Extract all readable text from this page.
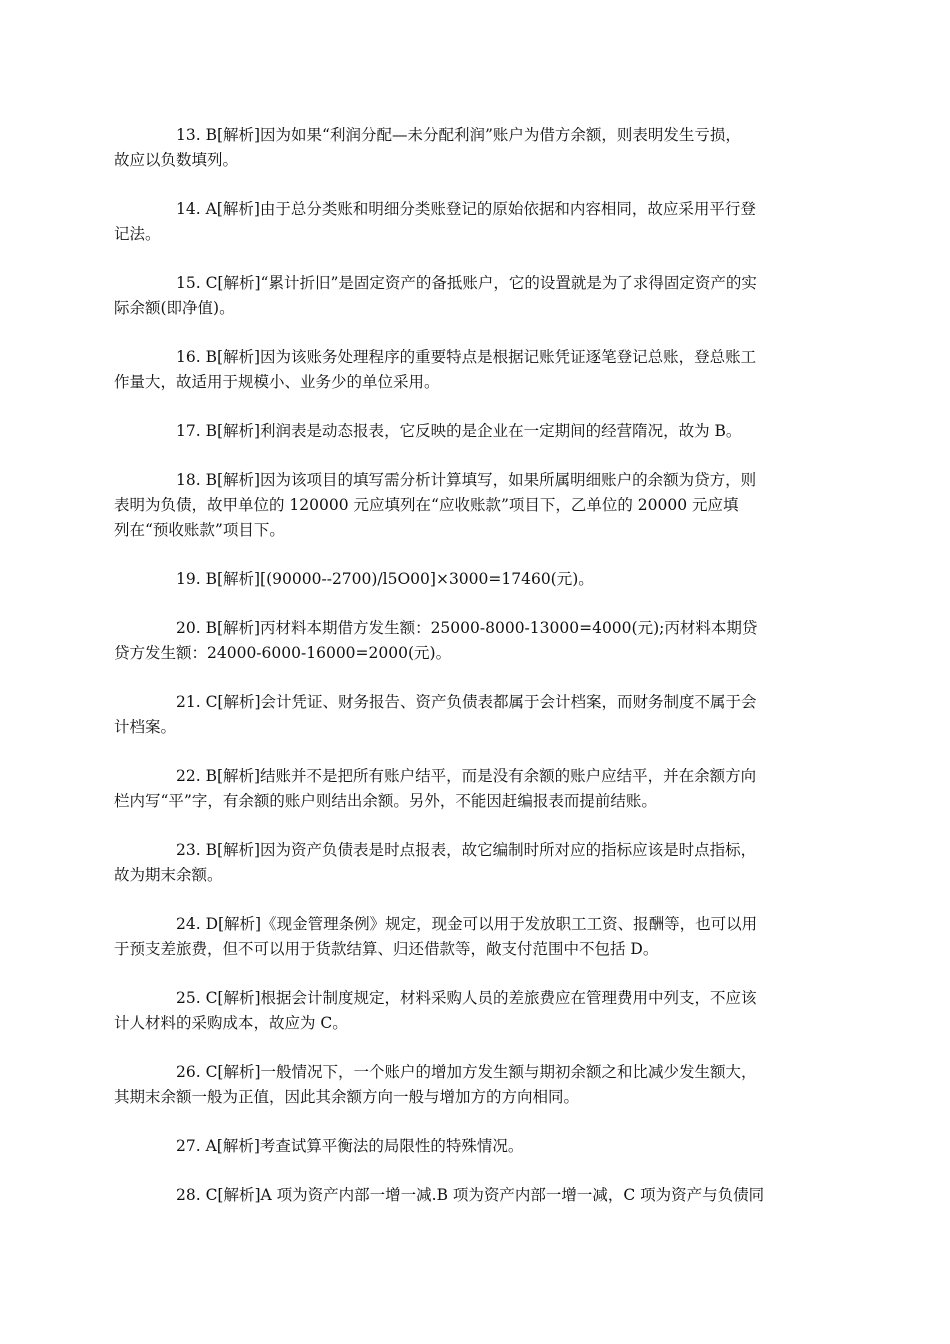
13. B[解析]因为如果“利润分配—未分配利润”账户为借方余额，则表明发生亏损，
故应以负数填列。

14. A[解析]由于总分类账和明细分类账登记的原始依据和内容相同，故应采用平行登
记法。

15. C[解析]“累计折旧”是固定资产的备抵账户，它的设置就是为了求得固定资产的实
际余额(即净值)。

16. B[解析]因为该账务处理程序的重要特点是根据记账凭证逐笔登记总账，登总账工
作量大，故适用于规模小、业务少的单位采用。

17. B[解析]利润表是动态报表，它反映的是企业在一定期间的经营隋况，故为 B。

18. B[解析]因为该项目的填写需分析计算填写，如果所属明细账户的余额为贷方，则
表明为负债，故甲单位的 120000 元应填列在“应收账款”项目下，乙单位的 20000 元应填
列在“预收账款”项目下。

19. B[解析][(90000--2700)/l5O00]×3000=17460(元)。

20. B[解析]丙材料本期借方发生额：25000-8000-13000=4000(元);丙材料本期贷
贷方发生额：24000-6000-16000=2000(元)。

21. C[解析]会计凭证、财务报告、资产负债表都属于会计档案，而财务制度不属于会
计档案。

22. B[解析]结账并不是把所有账户结平，而是没有余额的账户应结平，并在余额方向
栏内写“平”字，有余额的账户则结出余额。另外，不能因赶编报表而提前结账。

23. B[解析]因为资产负债表是时点报表，故它编制时所对应的指标应该是时点指标，
故为期末余额。

24. D[解析]《现金管理条例》规定，现金可以用于发放职工工资、报酬等，也可以用
于预支差旅费，但不可以用于货款结算、归还借款等，敞支付范围中不包括 D。

25. C[解析]根据会计制度规定，材料采购人员的差旅费应在管理费用中列支，不应该
计人材料的采购成本，故应为 C。

26. C[解析]一般情况下，一个账户的增加方发生额与期初余额之和比减少发生额大，
其期末余额一般为正值，因此其余额方向一般与增加方的方向相同。

27. A[解析]考查试算平衡法的局限性的特殊情况。

28. C[解析]A 项为资产内部一增一减.B 项为资产内部一增一减，C 项为资产与负债同
